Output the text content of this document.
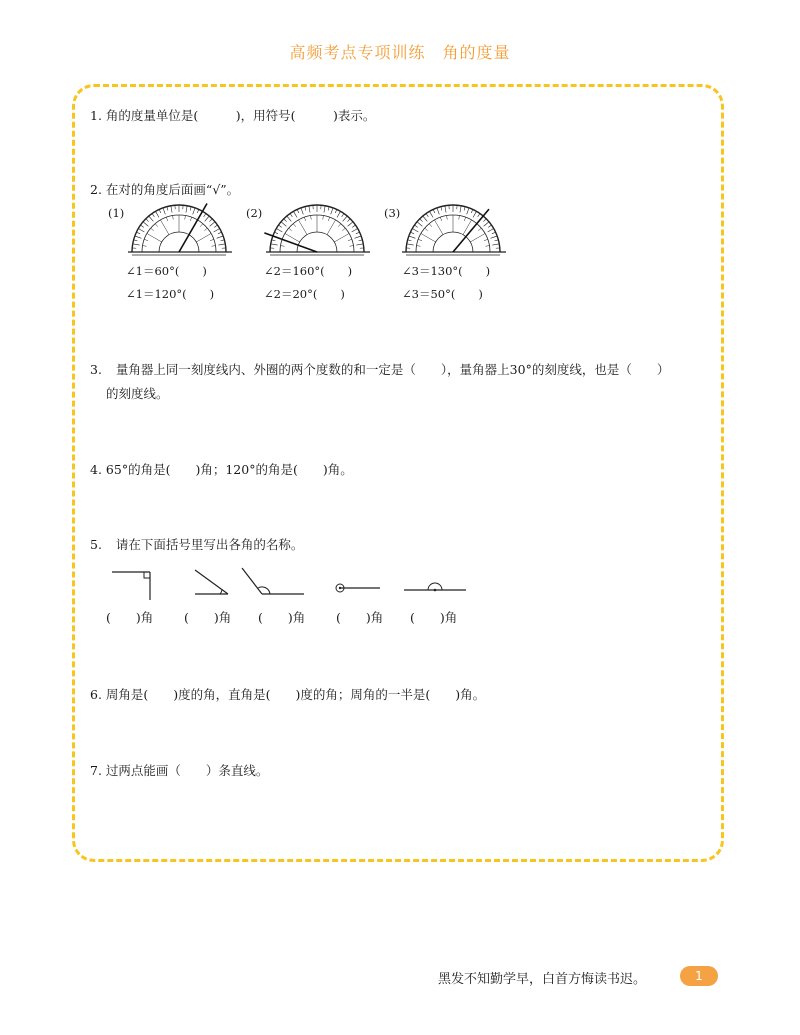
高频考点专项训练　角的度量
1. 角的度量单位是(　　　)，用符号(　　　)表示。
2. 在对的角度后面画“√”。
(1)	(2)	(3)
∠1＝60°(　　)
∠1＝120°(　　)
∠2＝160°(　　)
∠2＝20°(　　)
∠3＝130°(　　)
∠3＝50°(　　)
3. 量角器上同一刻度线内、外圈的两个度数的和一定是（　　），量角器上30°的刻度线，也是（　　）
的刻度线。
4. 65°的角是(　　)角；120°的角是(　　)角。
5. 请在下面括号里写出各角的名称。
(　　)角 (　　)角 (　　)角 (　　)角 (　　)角
6. 周角是(　　)度的角，直角是(　　)度的角；周角的一半是(　　)角。
7. 过两点能画（　　）条直线。
黑发不知勤学早，白首方悔读书迟。	1
